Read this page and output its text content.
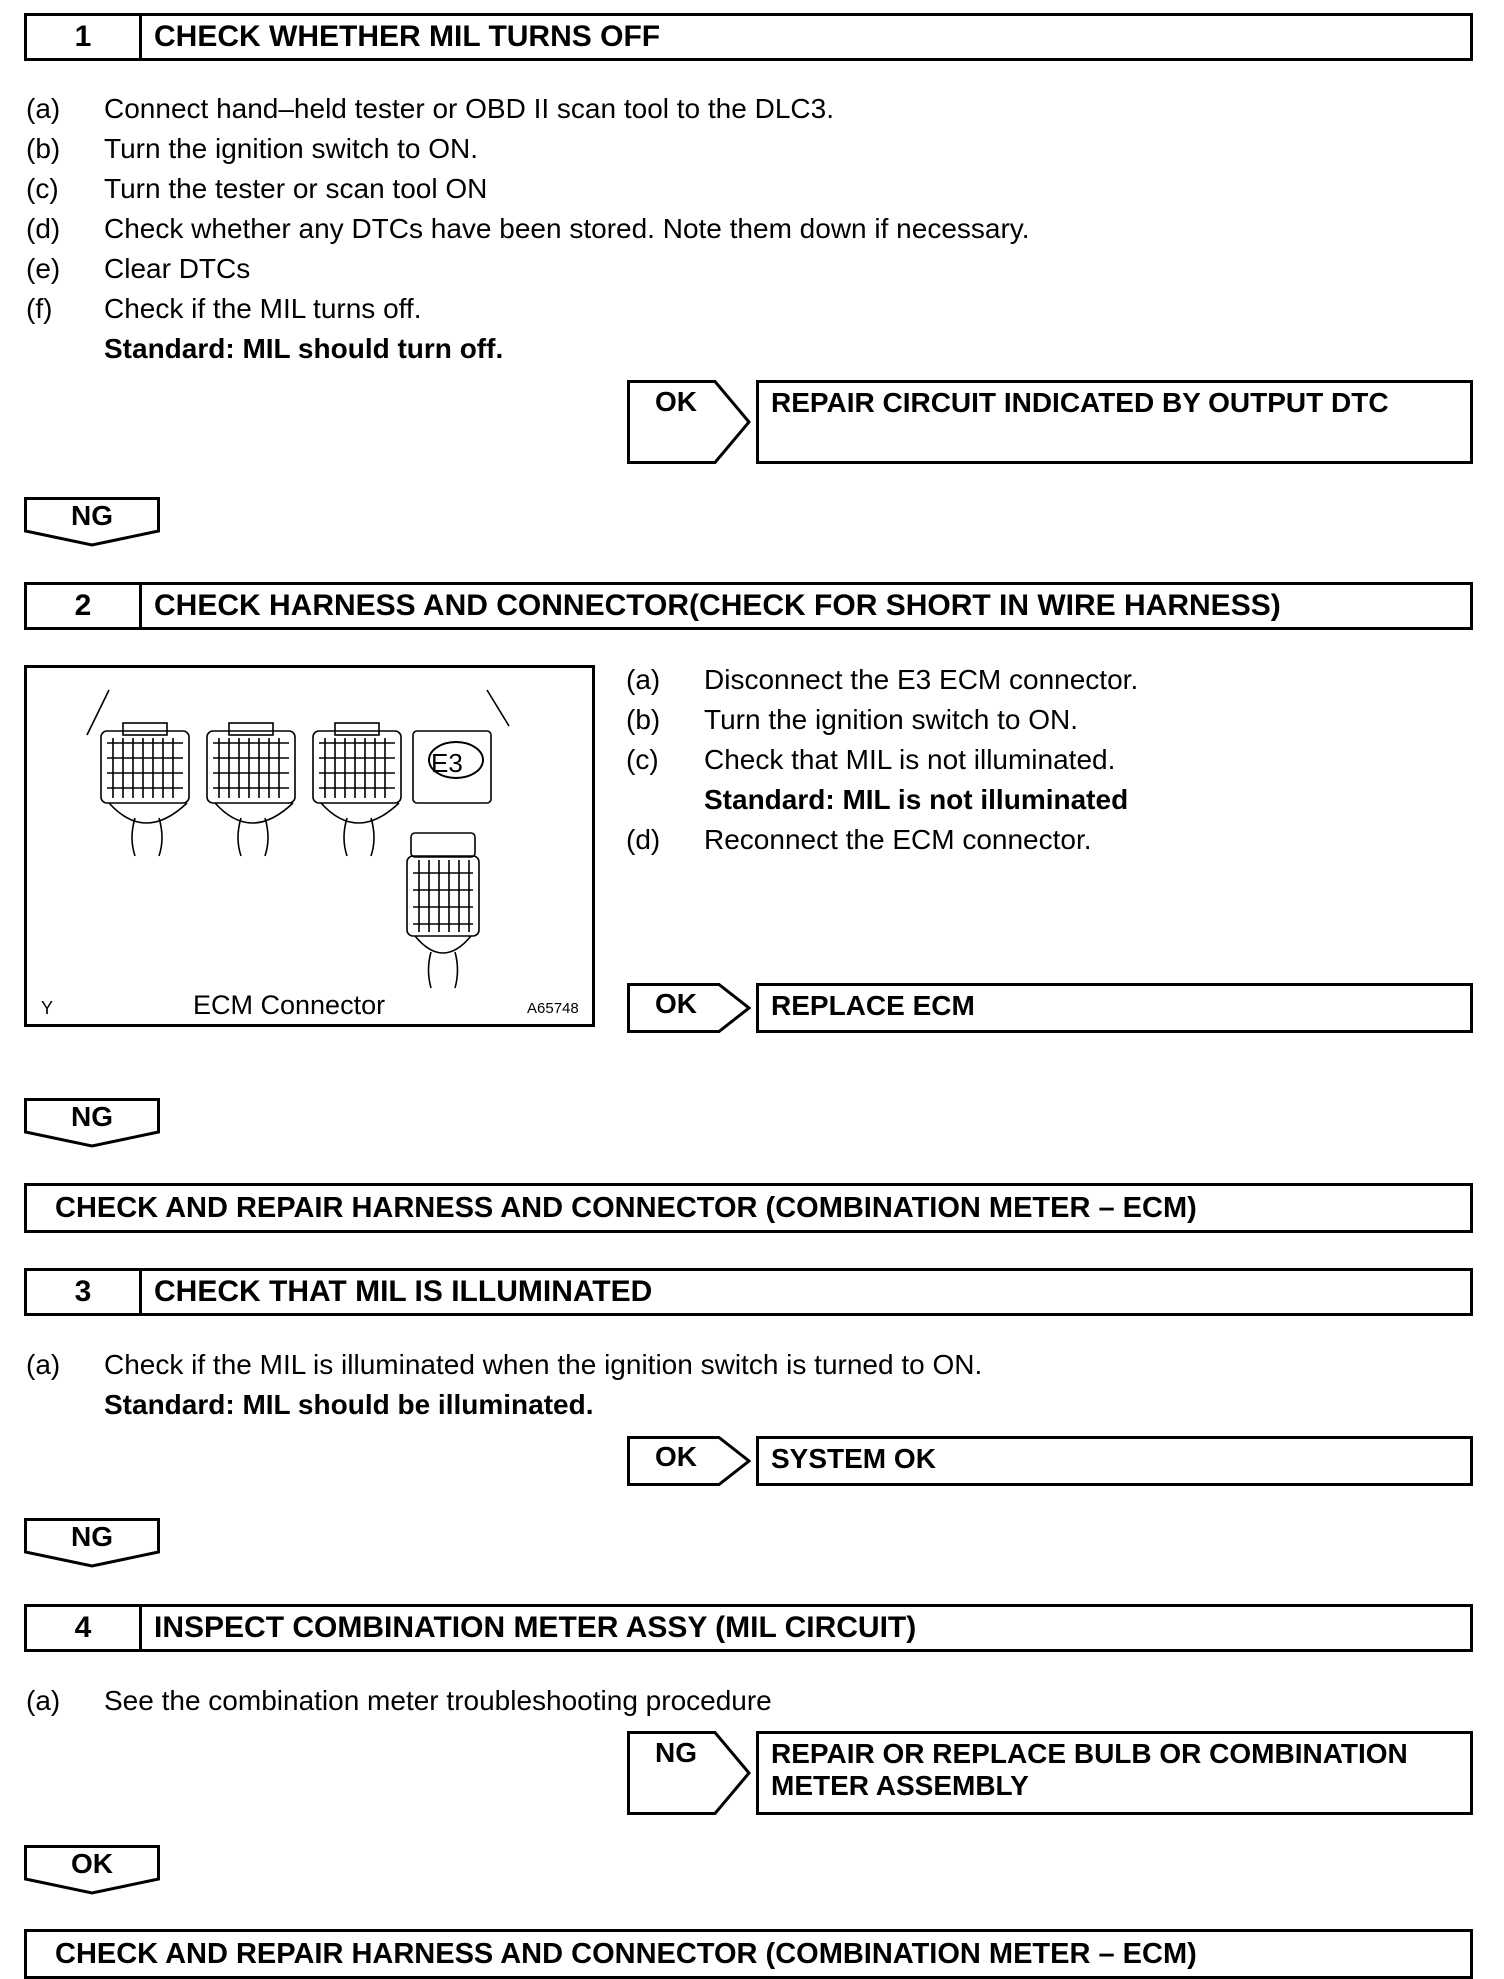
1	CHECK WHETHER MIL TURNS OFF
(a) Connect hand–held tester or OBD II scan tool to the DLC3.
(b) Turn the ignition switch to ON.
(c) Turn the tester or scan tool ON
(d) Check whether any DTCs have been stored. Note them down if necessary.
(e) Clear DTCs
(f) Check if the MIL turns off.
Standard: MIL should turn off.
OK	REPAIR CIRCUIT INDICATED BY OUTPUT DTC
NG
2	CHECK HARNESS AND CONNECTOR(CHECK FOR SHORT IN WIRE HARNESS)
E3
Y	ECM Connector	A65748
(a) Disconnect the E3 ECM connector.
(b) Turn the ignition switch to ON.
(c) Check that MIL is not illuminated.
Standard: MIL is not illuminated
(d) Reconnect the ECM connector.
OK	REPLACE ECM
NG
CHECK AND REPAIR HARNESS AND CONNECTOR (COMBINATION METER – ECM)
3	CHECK THAT MIL IS ILLUMINATED
(a) Check if the MIL is illuminated when the ignition switch is turned to ON.
Standard: MIL should be illuminated.
OK	SYSTEM OK
NG
4	INSPECT COMBINATION METER ASSY (MIL CIRCUIT)
(a) See the combination meter troubleshooting procedure
NG	REPAIR OR REPLACE BULB OR COMBINATION
METER ASSEMBLY
OK
CHECK AND REPAIR HARNESS AND CONNECTOR (COMBINATION METER – ECM)
